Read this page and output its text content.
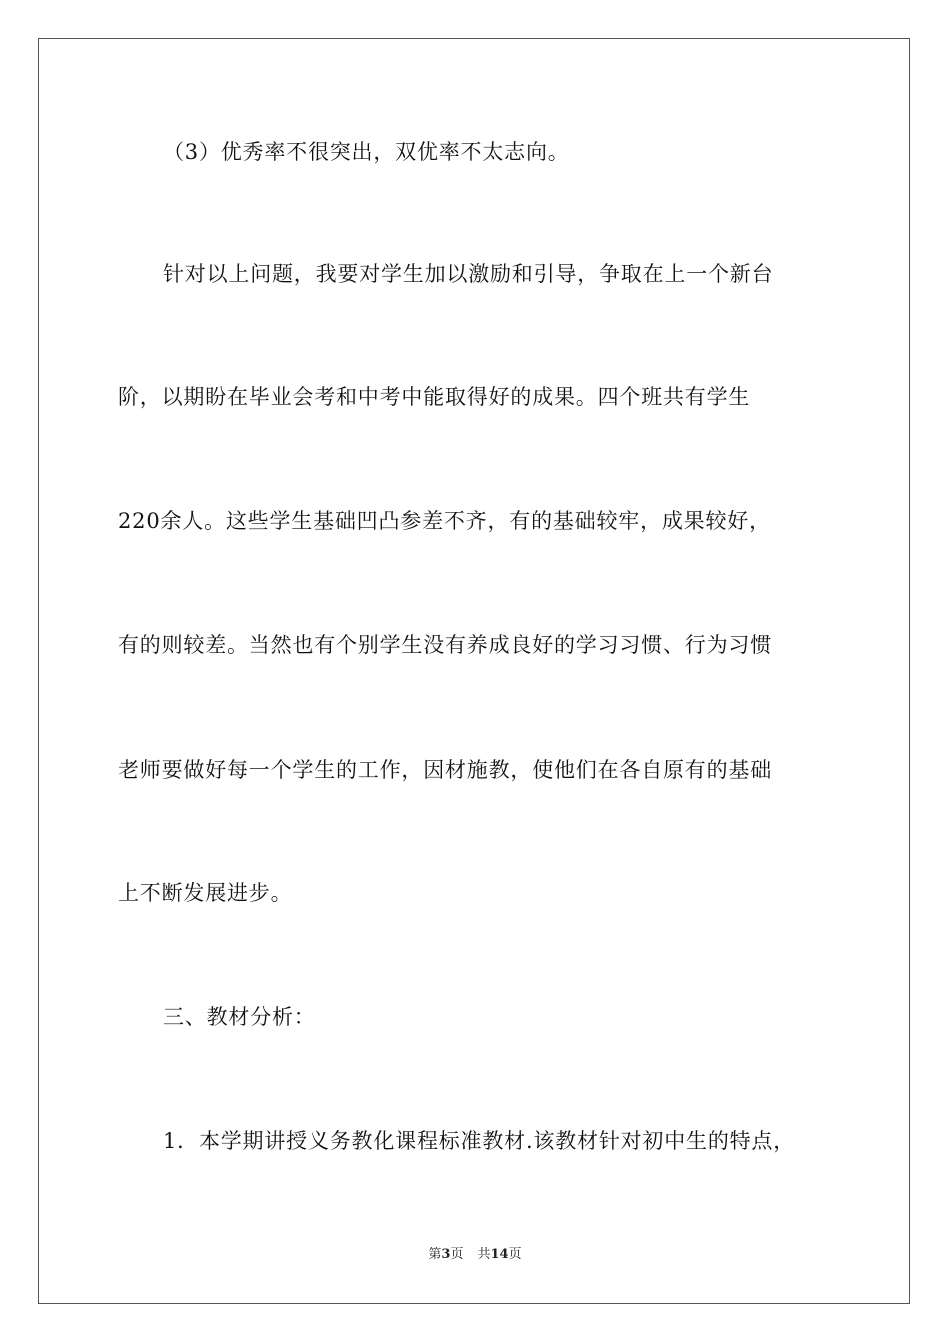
（3）优秀率不很突出，双优率不太志向。
针对以上问题，我要对学生加以激励和引导，争取在上一个新台
阶，以期盼在毕业会考和中考中能取得好的成果。四个班共有学生
220余人。这些学生基础凹凸参差不齐，有的基础较牢，成果较好，
有的则较差。当然也有个别学生没有养成良好的学习习惯、行为习惯
老师要做好每一个学生的工作，因材施教，使他们在各自原有的基础
上不断发展进步。
三、教材分析：
1．本学期讲授义务教化课程标准教材.该教材针对初中生的特点，
第3页 共14页
